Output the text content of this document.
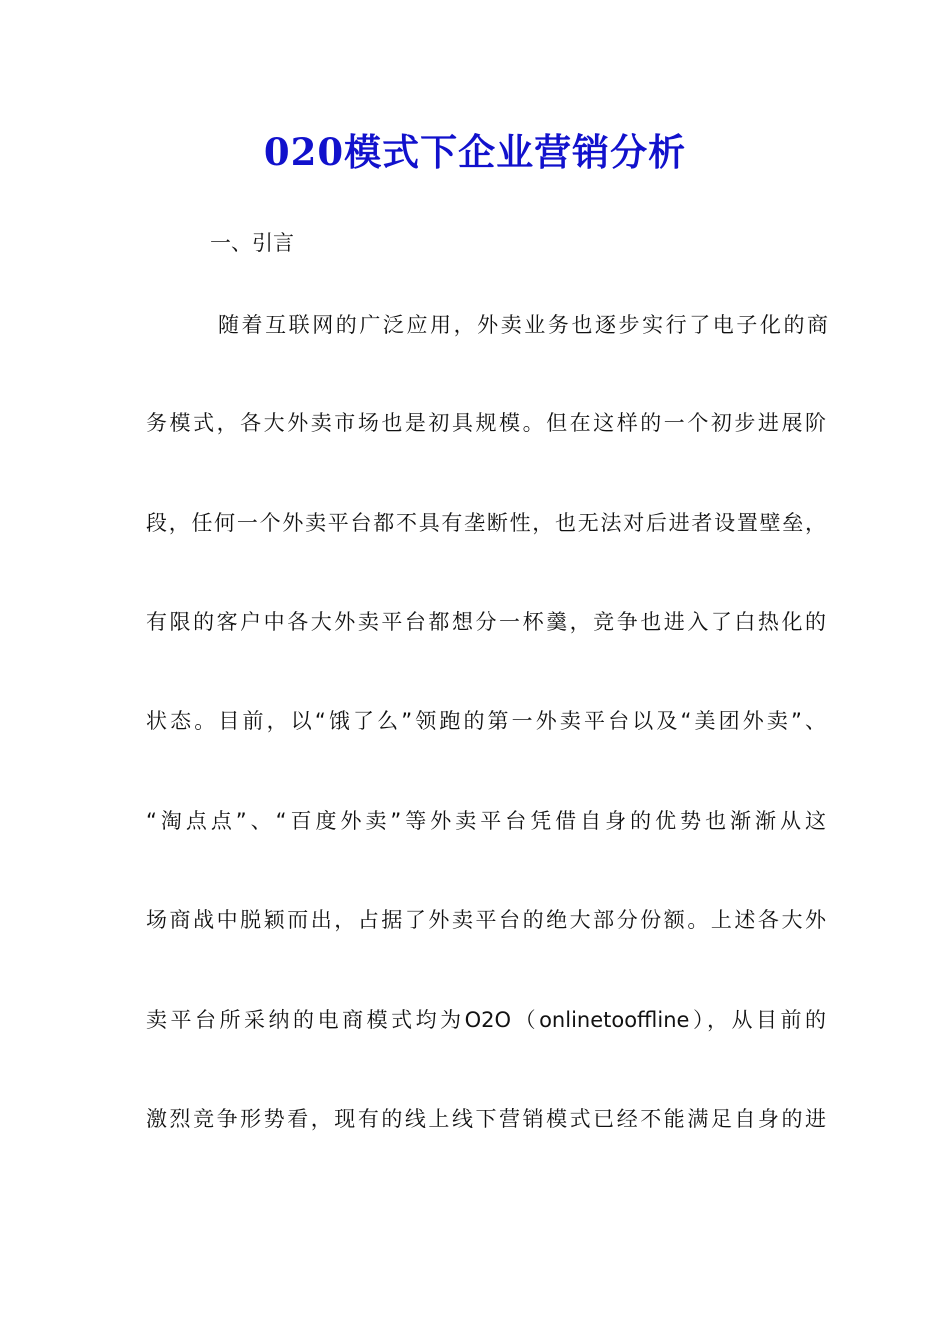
020模式下企业营销分析
一、引言
随着互联网的广泛应用，外卖业务也逐步实行了电子化的商
务模式，各大外卖市场也是初具规模。但在这样的一个初步进展阶
段，任何一个外卖平台都不具有垄断性，也无法对后进者设置壁垒，
有限的客户中各大外卖平台都想分一杯羹，竞争也进入了白热化的
状态。目前，以“饿了么”领跑的第一外卖平台以及“美团外卖”、
“淘点点”、“百度外卖”等外卖平台凭借自身的优势也渐渐从这
场商战中脱颖而出，占据了外卖平台的绝大部分份额。上述各大外
卖平台所采纳的电商模式均为O2O（onlinetooffline），从目前的
激烈竞争形势看，现有的线上线下营销模式已经不能满足自身的进
